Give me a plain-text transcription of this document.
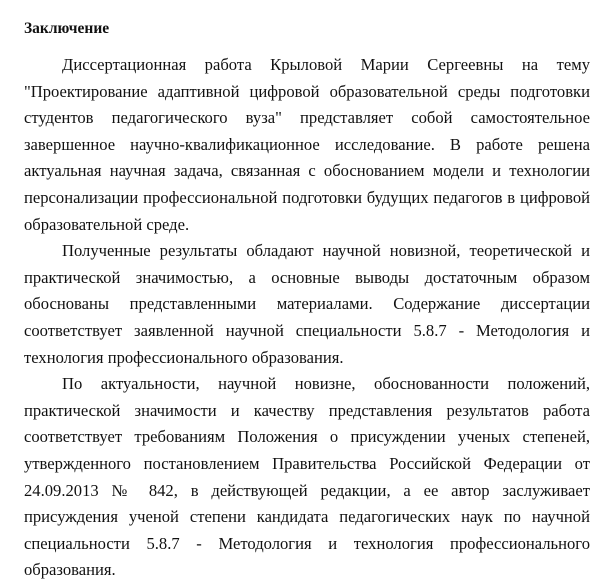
Заключение

Диссертационная работа Крыловой Марии Сергеевны на тему "Проектирование адаптивной цифровой образовательной среды подготовки студентов педагогического вуза" представляет собой самостоятельное завершенное научно-квалификационное исследование. В работе решена актуальная научная задача, связанная с обоснованием модели и технологии персонализации профессиональной подготовки будущих педагогов в цифровой образовательной среде.

Полученные результаты обладают научной новизной, теоретической и практической значимостью, а основные выводы достаточным образом обоснованы представленными материалами. Содержание диссертации соответствует заявленной научной специальности 5.8.7 - Методология и технология профессионального образования.

По актуальности, научной новизне, обоснованности положений, практической значимости и качеству представления результатов работа соответствует требованиям Положения о присуждении ученых степеней, утвержденного постановлением Правительства Российской Федерации от 24.09.2013 № 842, в действующей редакции, а ее автор заслуживает присуждения ученой степени кандидата педагогических наук по научной специальности 5.8.7 - Методология и технология профессионального образования.
